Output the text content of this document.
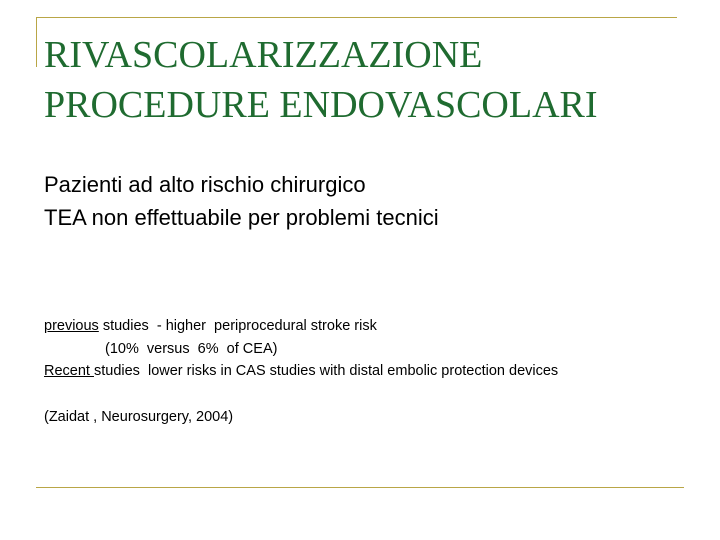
RIVASCOLARIZZAZIONE
PROCEDURE ENDOVASCOLARI
Pazienti ad alto rischio chirurgico
TEA non effettuabile per problemi tecnici
previous studies  - higher  periprocedural stroke risk
(10%  versus  6%  of CEA)
Recent studies  lower risks in CAS studies with distal embolic protection devices
(Zaidat , Neurosurgery, 2004)
